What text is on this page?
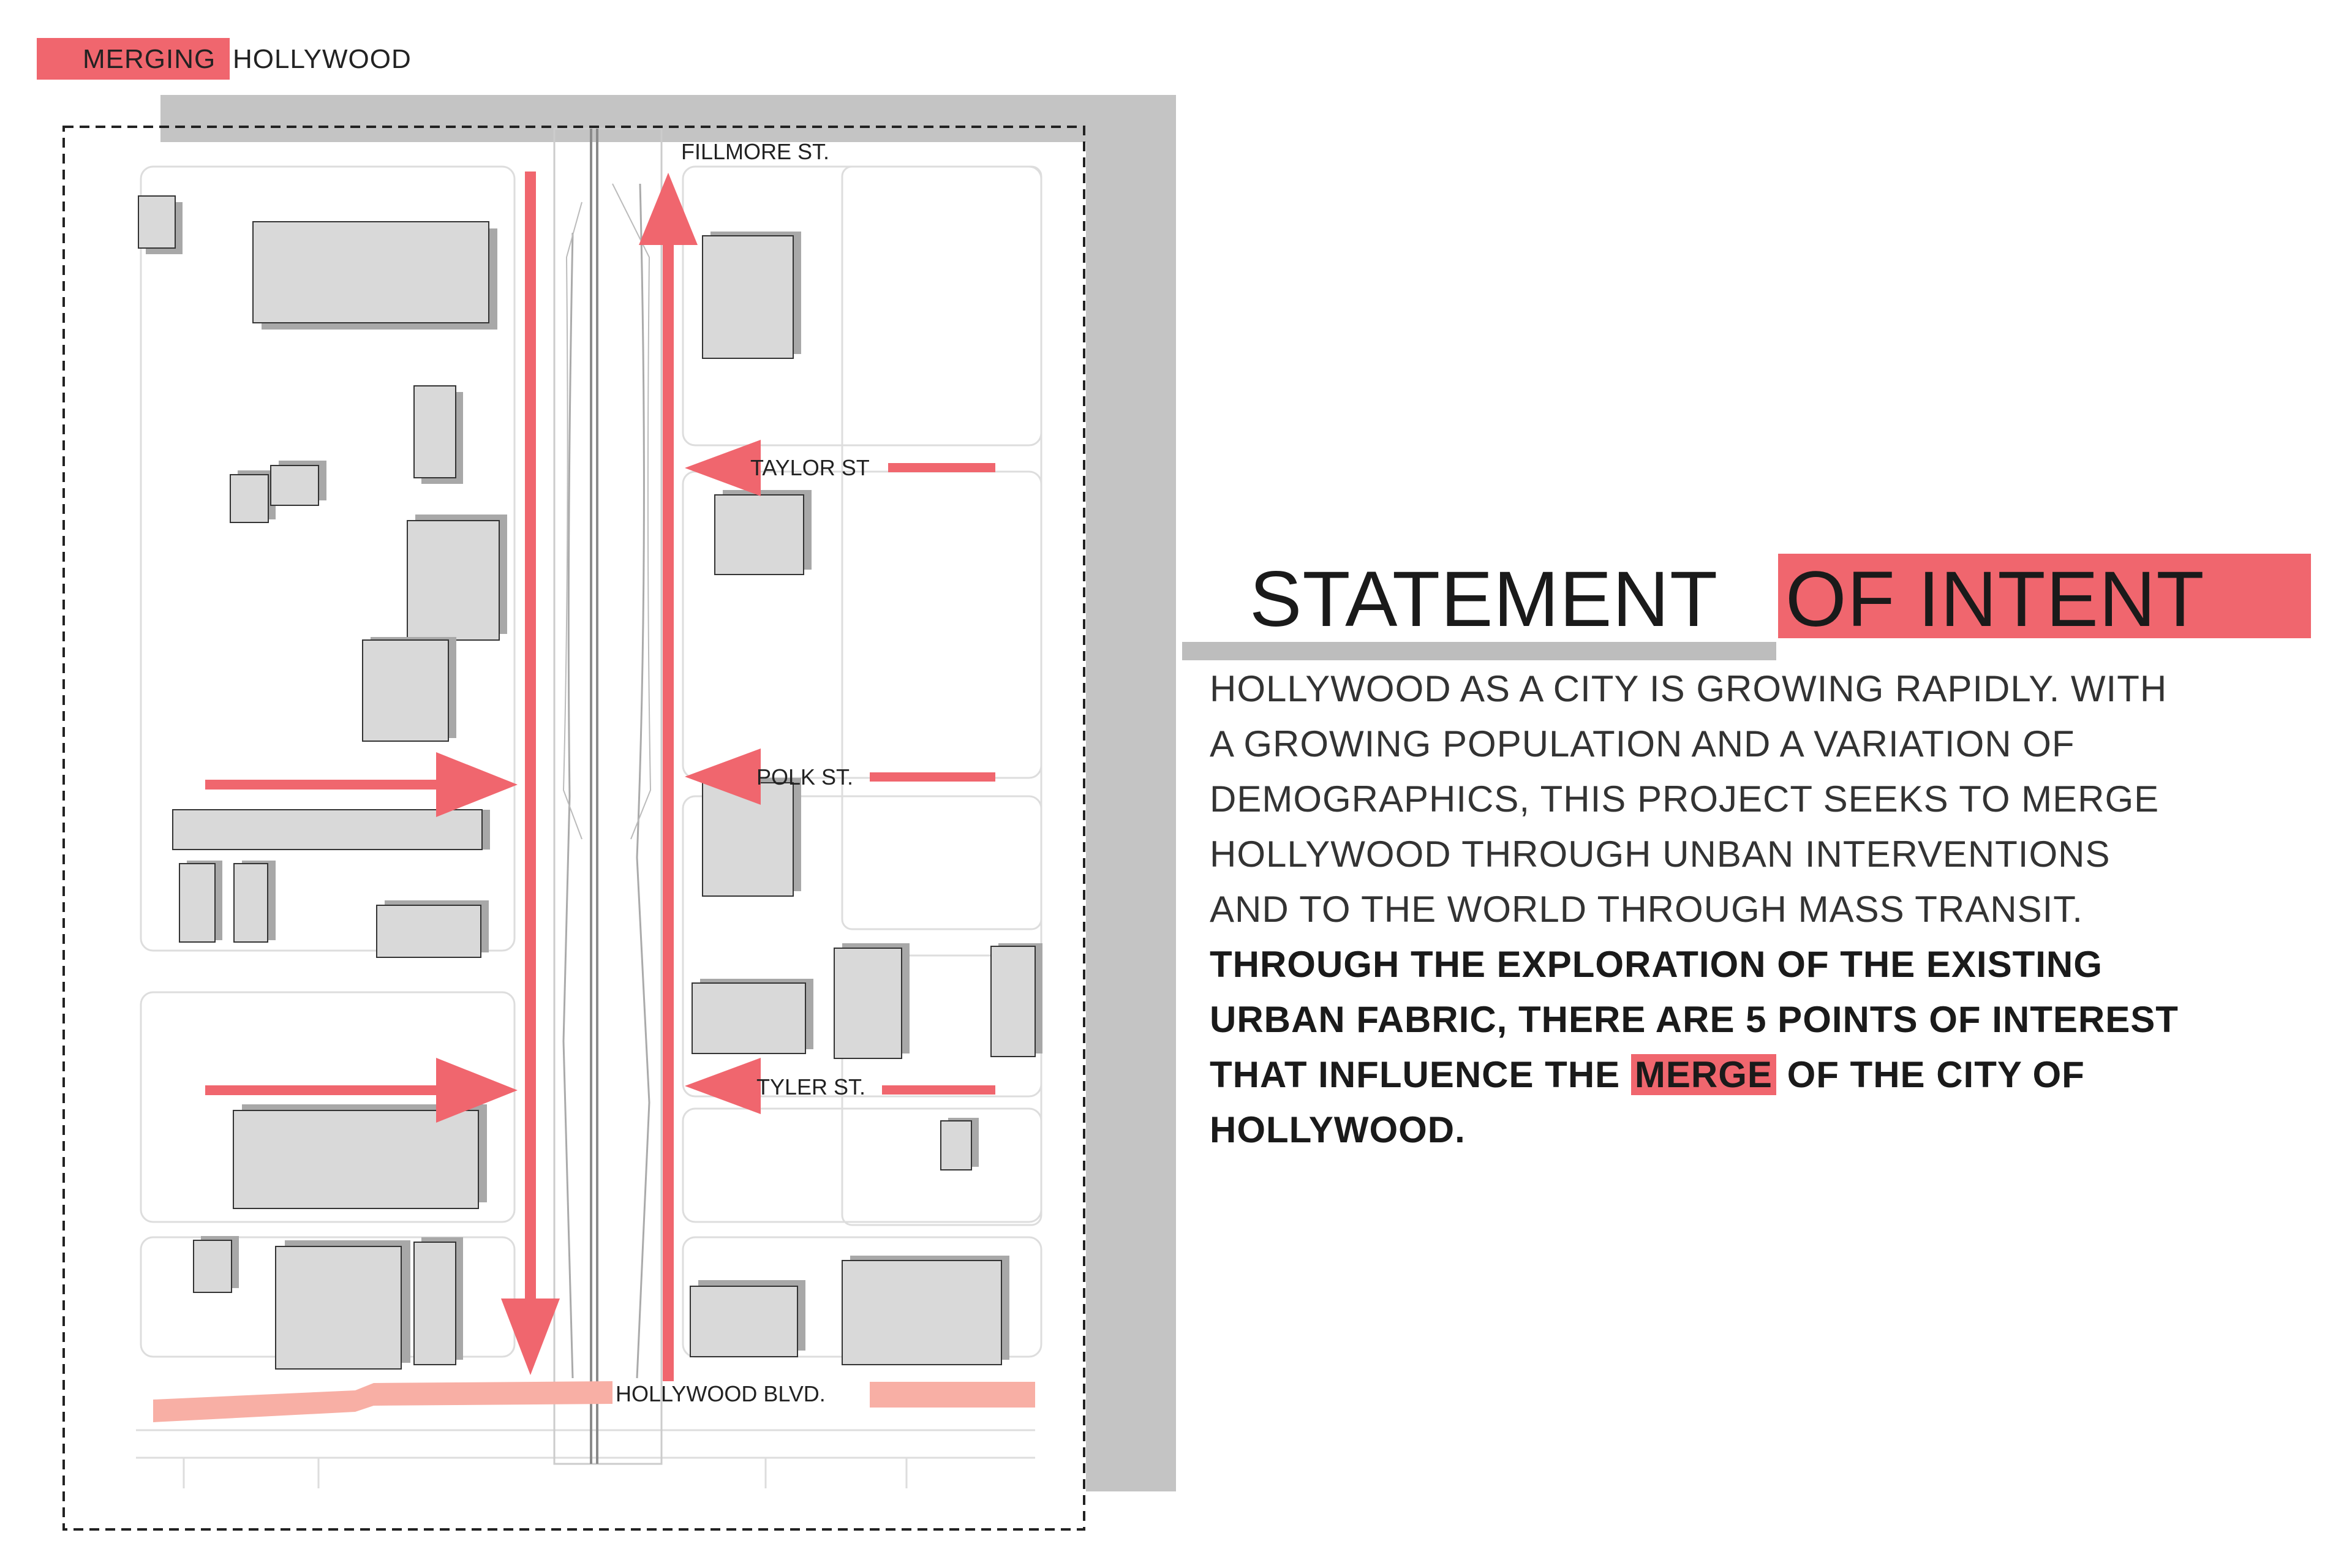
MERGING HOLLYWOOD
FILLMORE ST.
TAYLOR ST
POLK ST.
TYLER ST.
HOLLYWOOD BLVD.
STATEMENT OF INTENT
HOLLYWOOD AS A CITY IS GROWING RAPIDLY. WITH
A GROWING POPULATION AND A VARIATION OF
DEMOGRAPHICS, THIS PROJECT SEEKS TO MERGE
HOLLYWOOD THROUGH UNBAN INTERVENTIONS
AND TO THE WORLD THROUGH MASS TRANSIT.
THROUGH THE EXPLORATION OF THE EXISTING
URBAN FABRIC, THERE ARE 5 POINTS OF INTEREST
THAT INFLUENCE THE MERGE OF THE CITY OF
HOLLYWOOD.
